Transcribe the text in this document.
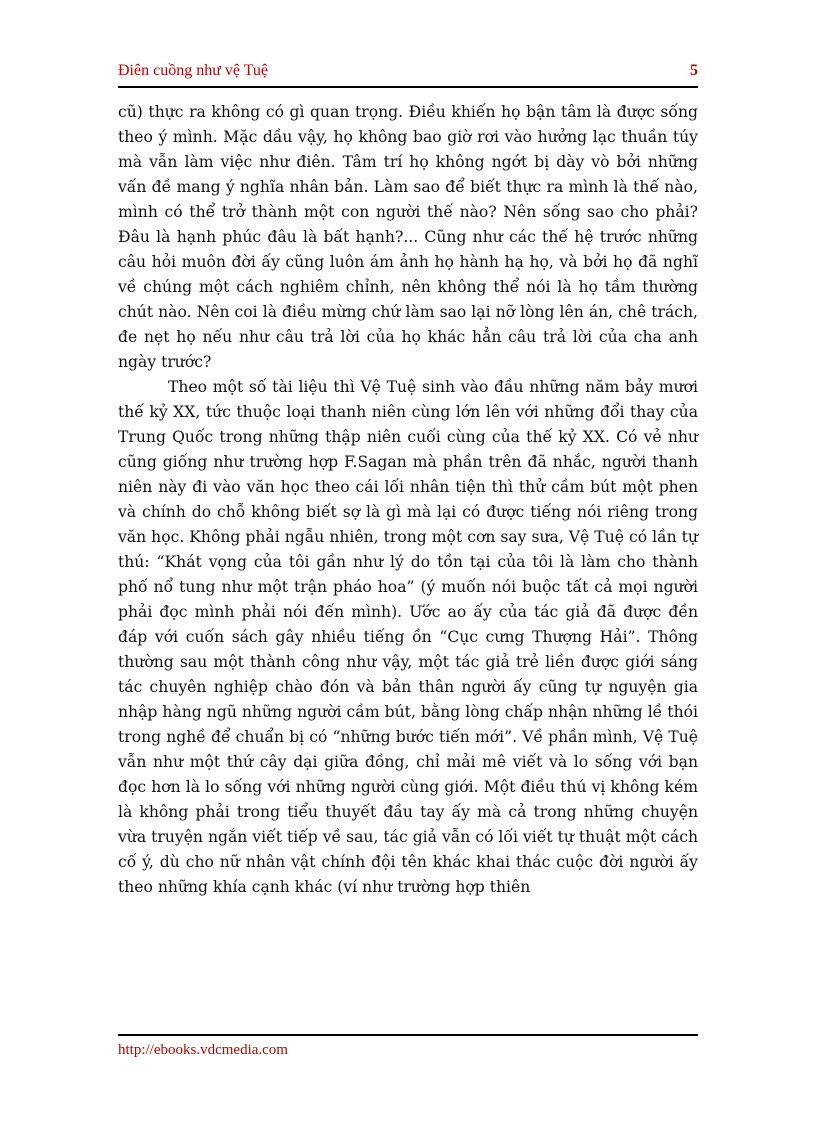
Điên cuồng như vệ Tuệ	5

cũ) thực ra không có gì quan trọng. Điều khiến họ bận tâm là được sống theo ý mình. Mặc dầu vậy, họ không bao giờ rơi vào hưởng lạc thuần túy mà vẫn làm việc như điên. Tâm trí họ không ngớt bị dày vò bởi những vấn đề mang ý nghĩa nhân bản. Làm sao để biết thực ra mình là thế nào, mình có thể trở thành một con người thế nào? Nên sống sao cho phải? Đâu là hạnh phúc đâu là bất hạnh?... Cũng như các thế hệ trước những câu hỏi muôn đời ấy cũng luôn ám ảnh họ hành hạ họ, và bởi họ đã nghĩ về chúng một cách nghiêm chỉnh, nên không thể nói là họ tầm thường chút nào. Nên coi là điều mừng chứ làm sao lại nỡ lòng lên án, chê trách, đe nẹt họ nếu như câu trả lời của họ khác hẳn câu trả lời của cha anh ngày trước?

Theo một số tài liệu thì Vệ Tuệ sinh vào đầu những năm bảy mươi thế kỷ XX, tức thuộc loại thanh niên cùng lớn lên với những đổi thay của Trung Quốc trong những thập niên cuối cùng của thế kỷ XX. Có vẻ như cũng giống như trường hợp F.Sagan mà phần trên đã nhắc, người thanh niên này đi vào văn học theo cái lối nhân tiện thì thử cầm bút một phen và chính do chỗ không biết sợ là gì mà lại có được tiếng nói riêng trong văn học. Không phải ngẫu nhiên, trong một cơn say sưa, Vệ Tuệ có lần tự thú: “Khát vọng của tôi gần như lý do tồn tại của tôi là làm cho thành phố nổ tung như một trận pháo hoa” (ý muốn nói buộc tất cả mọi người phải đọc mình phải nói đến mình). Ước ao ấy của tác giả đã được đền đáp với cuốn sách gây nhiều tiếng ồn “Cục cưng Thượng Hải”. Thông thường sau một thành công như vậy, một tác giả trẻ liền được giới sáng tác chuyên nghiệp chào đón và bản thân người ấy cũng tự nguyện gia nhập hàng ngũ những người cầm bút, bằng lòng chấp nhận những lề thói trong nghề để chuẩn bị có “những bước tiến mới”. Về phần mình, Vệ Tuệ vẫn như một thứ cây dại giữa đồng, chỉ mải mê viết và lo sống với bạn đọc hơn là lo sống với những người cùng giới. Một điều thú vị không kém là không phải trong tiểu thuyết đầu tay ấy mà cả trong những chuyện vừa truyện ngắn viết tiếp về sau, tác giả vẫn có lối viết tự thuật một cách cố ý, dù cho nữ nhân vật chính đội tên khác khai thác cuộc đời người ấy theo những khía cạnh khác (ví như trường hợp thiên

http://ebooks.vdcmedia.com
